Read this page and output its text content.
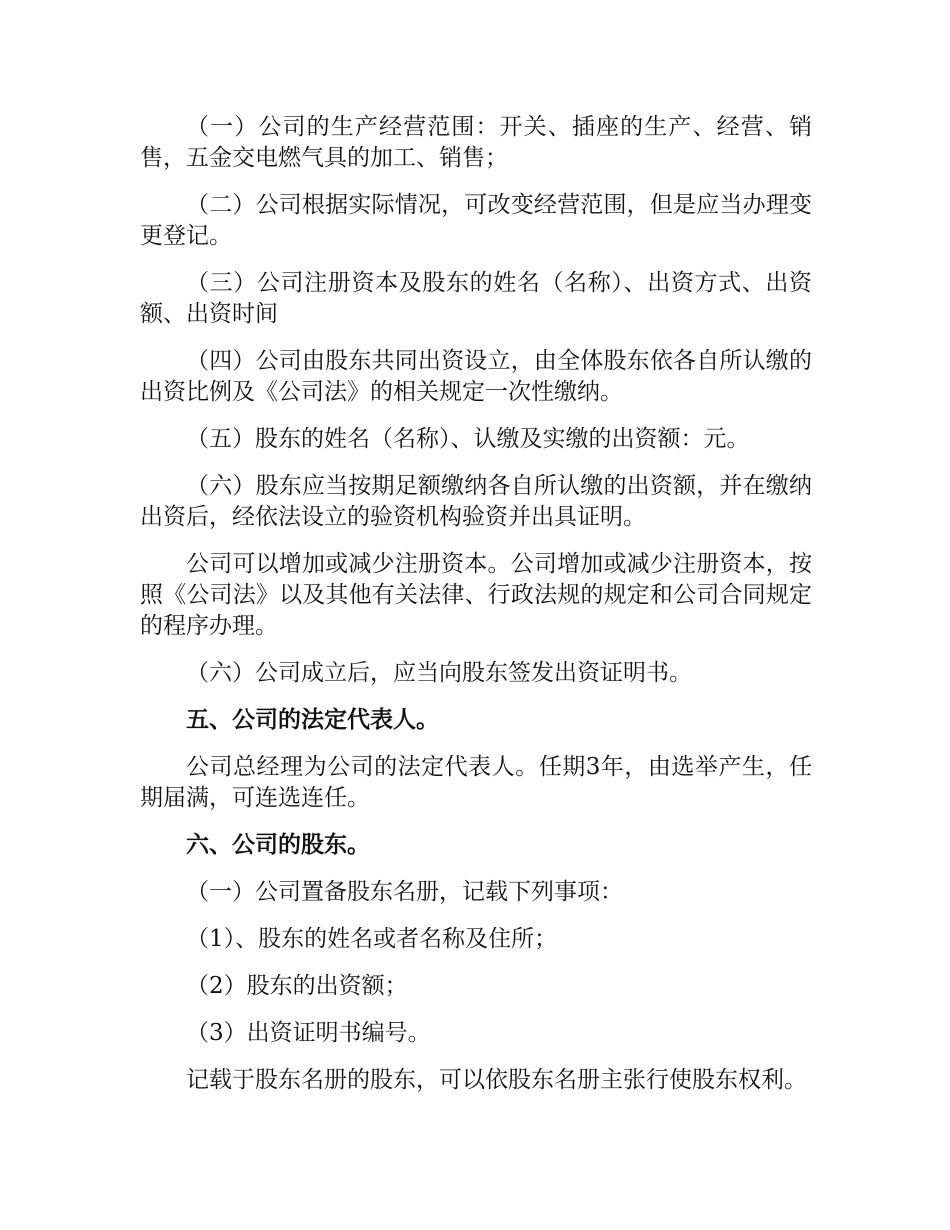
（一）公司的生产经营范围：开关、插座的生产、经营、销售，五金交电燃气具的加工、销售；

（二）公司根据实际情况，可改变经营范围，但是应当办理变更登记。

（三）公司注册资本及股东的姓名（名称）、出资方式、出资额、出资时间

（四）公司由股东共同出资设立，由全体股东依各自所认缴的出资比例及《公司法》的相关规定一次性缴纳。

（五）股东的姓名（名称）、认缴及实缴的出资额：元。

（六）股东应当按期足额缴纳各自所认缴的出资额，并在缴纳出资后，经依法设立的验资机构验资并出具证明。

公司可以增加或减少注册资本。公司增加或减少注册资本，按照《公司法》以及其他有关法律、行政法规的规定和公司合同规定的程序办理。

（六）公司成立后，应当向股东签发出资证明书。

五、公司的法定代表人。

公司总经理为公司的法定代表人。任期3年，由选举产生，任期届满，可连选连任。

六、公司的股东。

（一）公司置备股东名册，记载下列事项：

（1）、股东的姓名或者名称及住所；

（2）股东的出资额；

（3）出资证明书编号。

记载于股东名册的股东，可以依股东名册主张行使股东权利。
